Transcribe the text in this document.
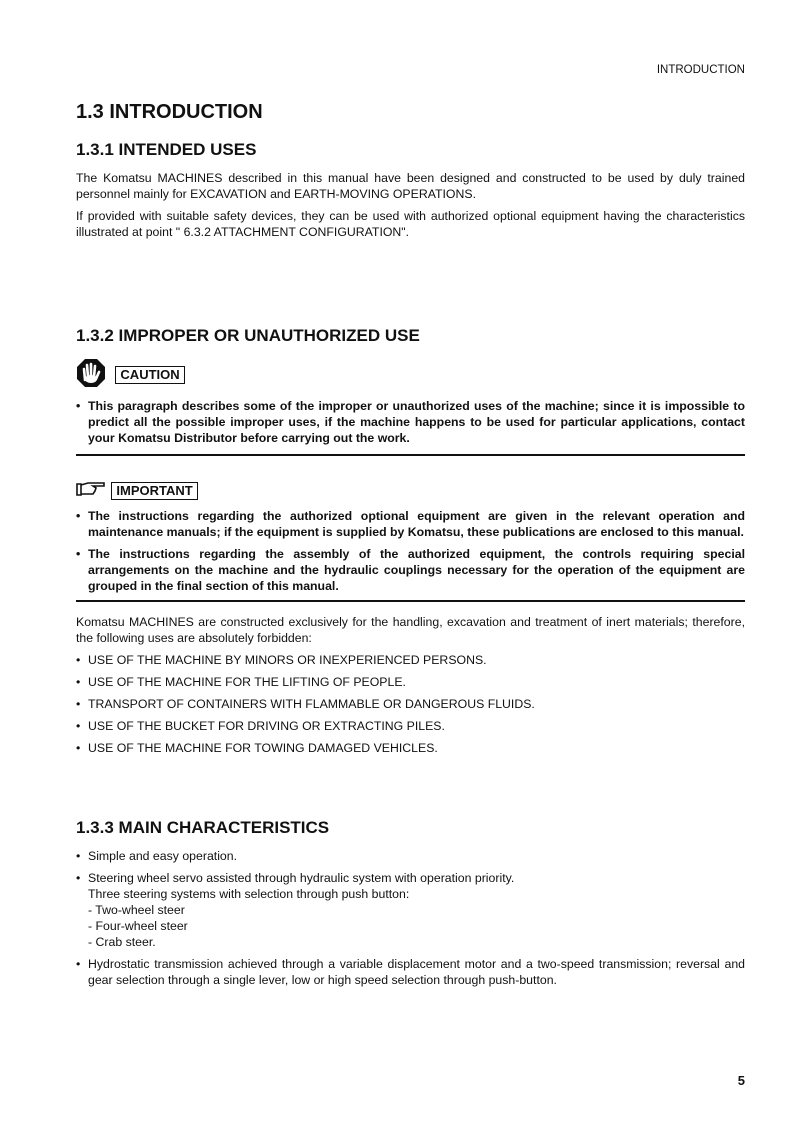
INTRODUCTION
1.3 INTRODUCTION
1.3.1 INTENDED USES

The Komatsu MACHINES described in this manual have been designed and constructed to be used by duly trained personnel mainly for EXCAVATION and EARTH-MOVING OPERATIONS.

If provided with suitable safety devices, they can be used with authorized optional equipment having the characteristics illustrated at point " 6.3.2 ATTACHMENT CONFIGURATION".

1.3.2 IMPROPER OR UNAUTHORIZED USE
CAUTION
• This paragraph describes some of the improper or unauthorized uses of the machine; since it is impossible to predict all the possible improper uses, if the machine happens to be used for particular applications, contact your Komatsu Distributor before carrying out the work.
IMPORTANT
• The instructions regarding the authorized optional equipment are given in the relevant operation and maintenance manuals; if the equipment is supplied by Komatsu, these publications are enclosed to this manual.
• The instructions regarding the assembly of the authorized equipment, the controls requiring special arrangements on the machine and the hydraulic couplings necessary for the operation of the equipment are grouped in the final section of this manual.

Komatsu MACHINES are constructed exclusively for the handling, excavation and treatment of inert materials; therefore, the following uses are absolutely forbidden:

• USE OF THE MACHINE BY MINORS OR INEXPERIENCED PERSONS.
• USE OF THE MACHINE FOR THE LIFTING OF PEOPLE.
• TRANSPORT OF CONTAINERS WITH FLAMMABLE OR DANGEROUS FLUIDS.
• USE OF THE BUCKET FOR DRIVING OR EXTRACTING PILES.
• USE OF THE MACHINE FOR TOWING DAMAGED VEHICLES.
1.3.3 MAIN CHARACTERISTICS
• Simple and easy operation.
• Steering wheel servo assisted through hydraulic system with operation priority.
Three steering systems with selection through push button:
- Two-wheel steer
- Four-wheel steer
- Crab steer.
• Hydrostatic transmission achieved through a variable displacement motor and a two-speed transmission; reversal and gear selection through a single lever, low or high speed selection through push-button.
5
